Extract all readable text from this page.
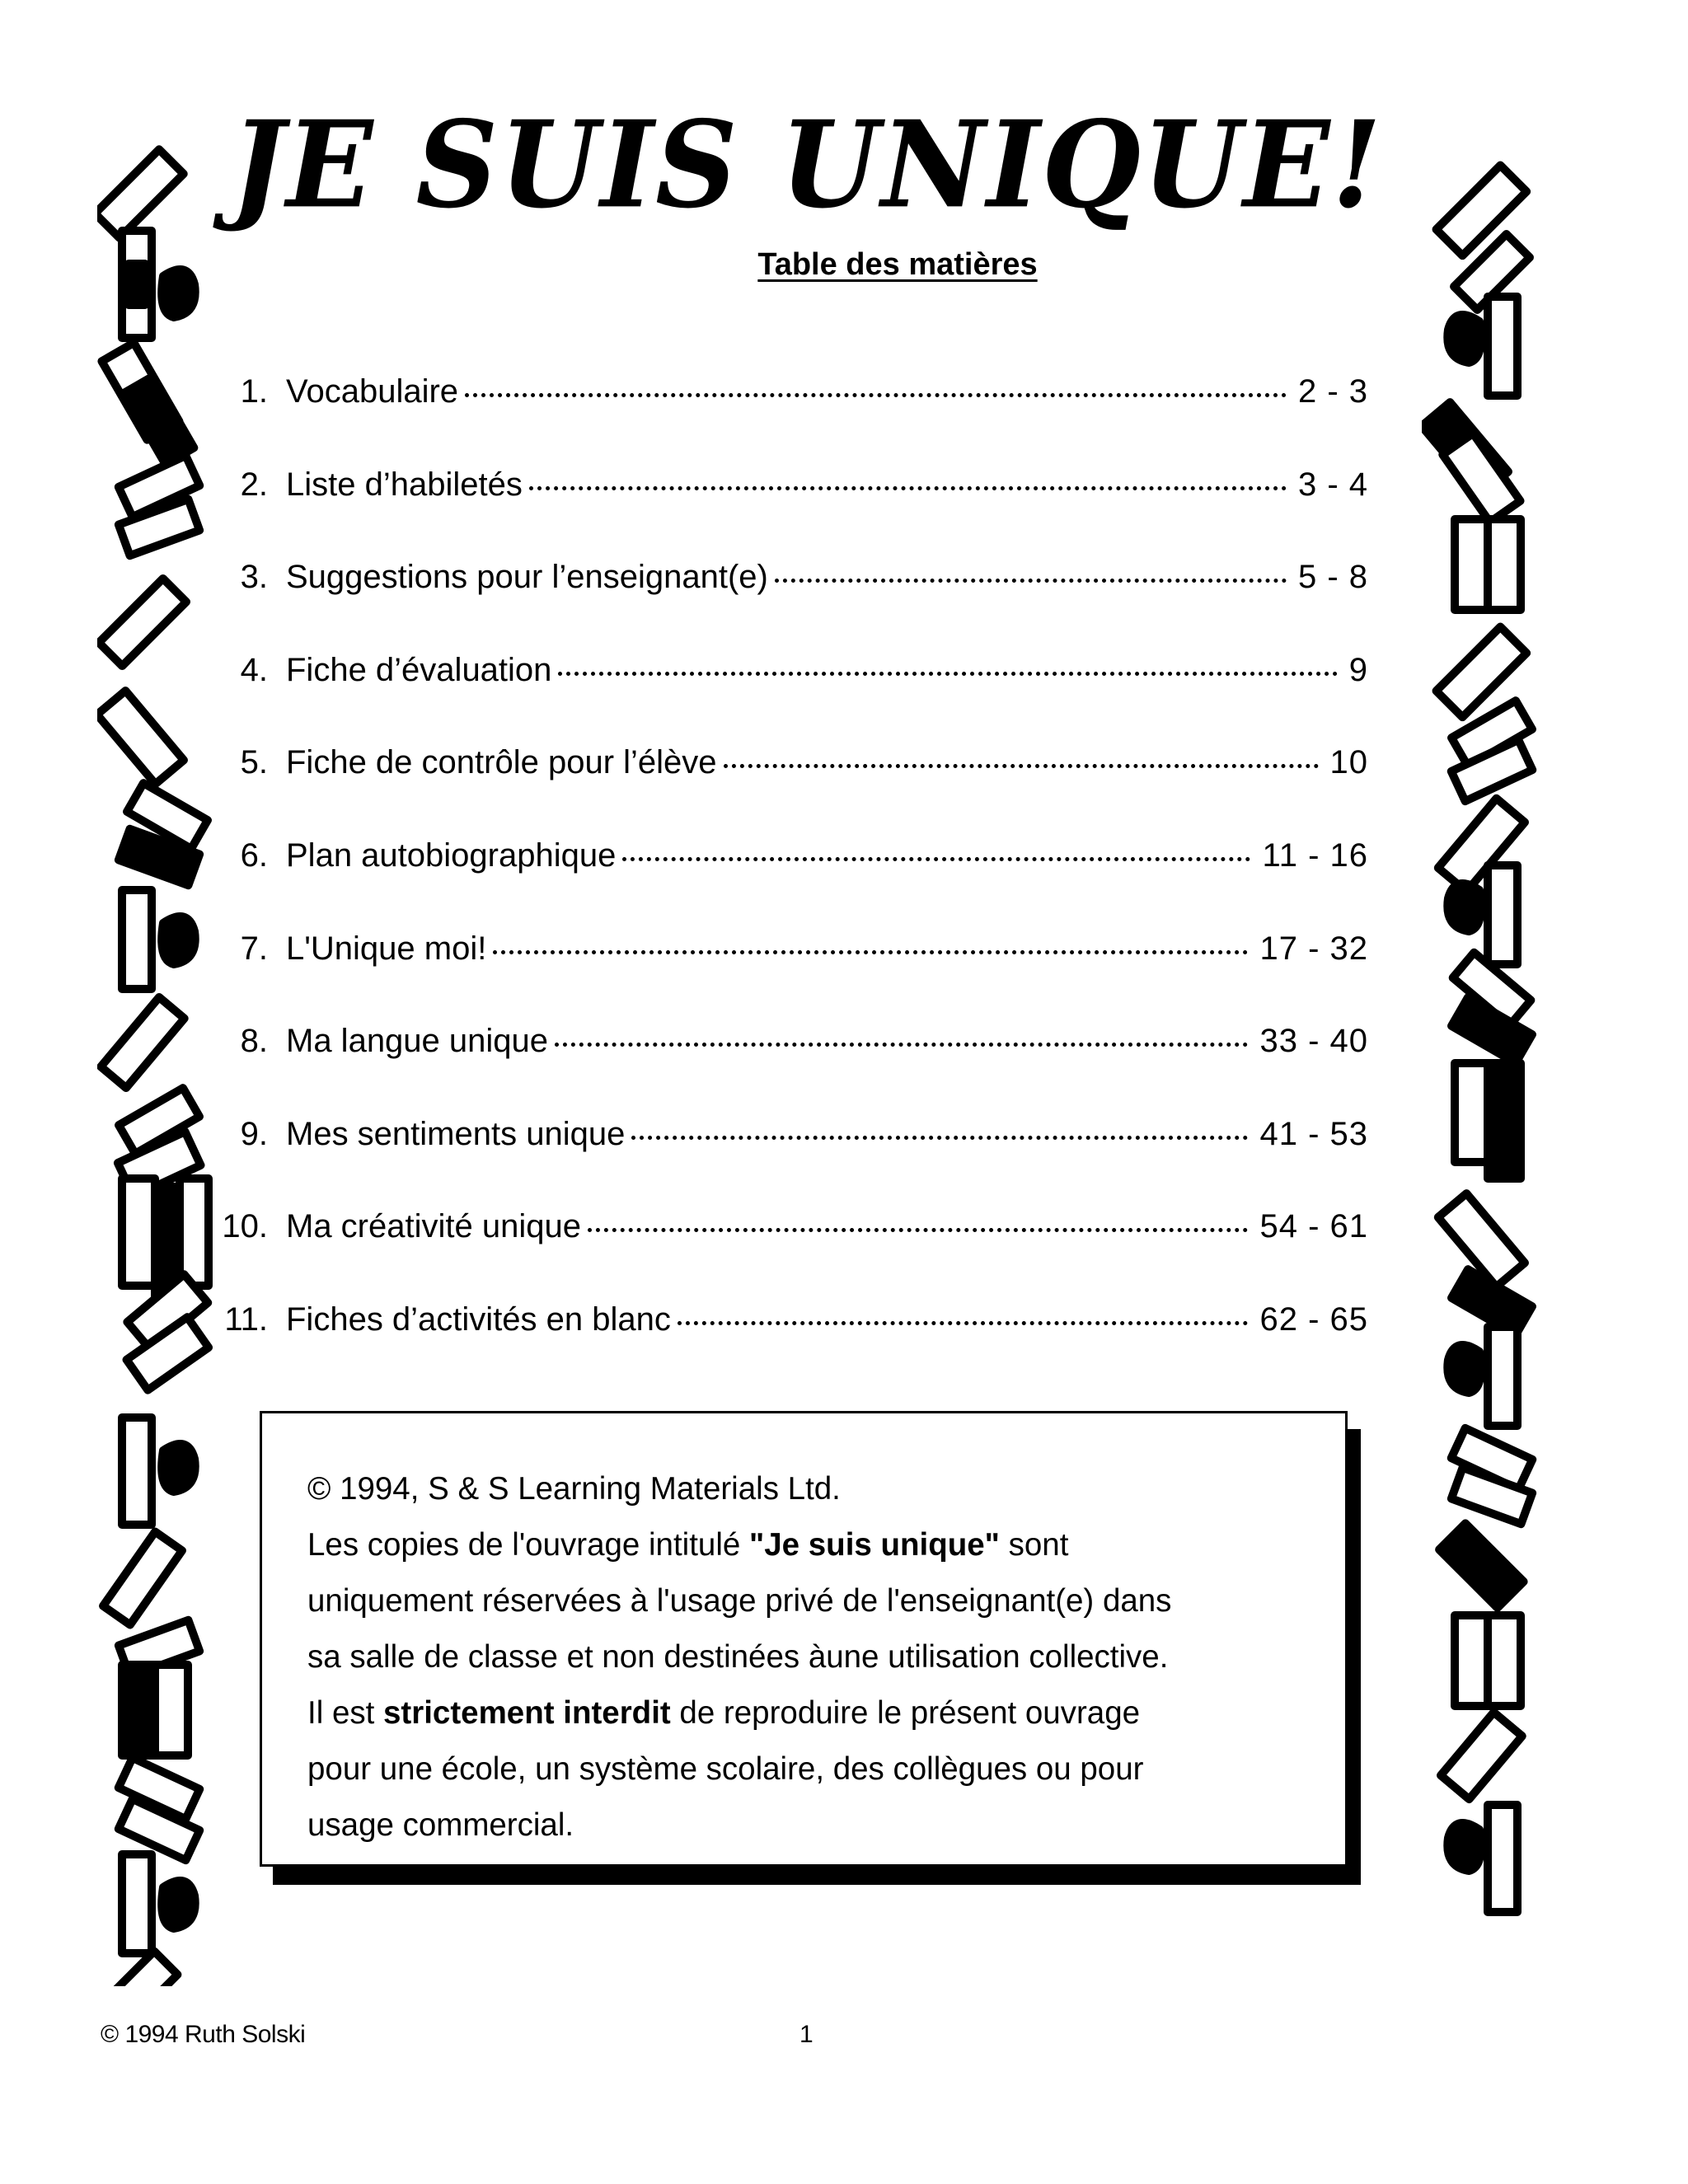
JE SUIS UNIQUE!
Table des matières
1. Vocabulaire	2 - 3
2. Liste d’habiletés	3 - 4
3. Suggestions pour l’enseignant(e)	5 - 8
4. Fiche d’évaluation	9
5. Fiche de contrôle pour l’élève	10
6. Plan autobiographique	11 - 16
7. L'Unique moi!	17 - 32
8. Ma langue unique	33 - 40
9. Mes sentiments unique	41 - 53
10. Ma créativité unique	54 - 61
11. Fiches d’activités en blanc	62 - 65

© 1994, S & S Learning Materials Ltd.

Les copies de l'ouvrage intitulé "Je suis unique" sont

uniquement réservées à l'usage privé de l'enseignant(e) dans

sa salle de classe et non destinées àune utilisation collective.

Il est strictement interdit de reproduire le présent ouvrage

pour une école, un système scolaire, des collègues ou pour

usage commercial.

© 1994 Ruth Solski	1
